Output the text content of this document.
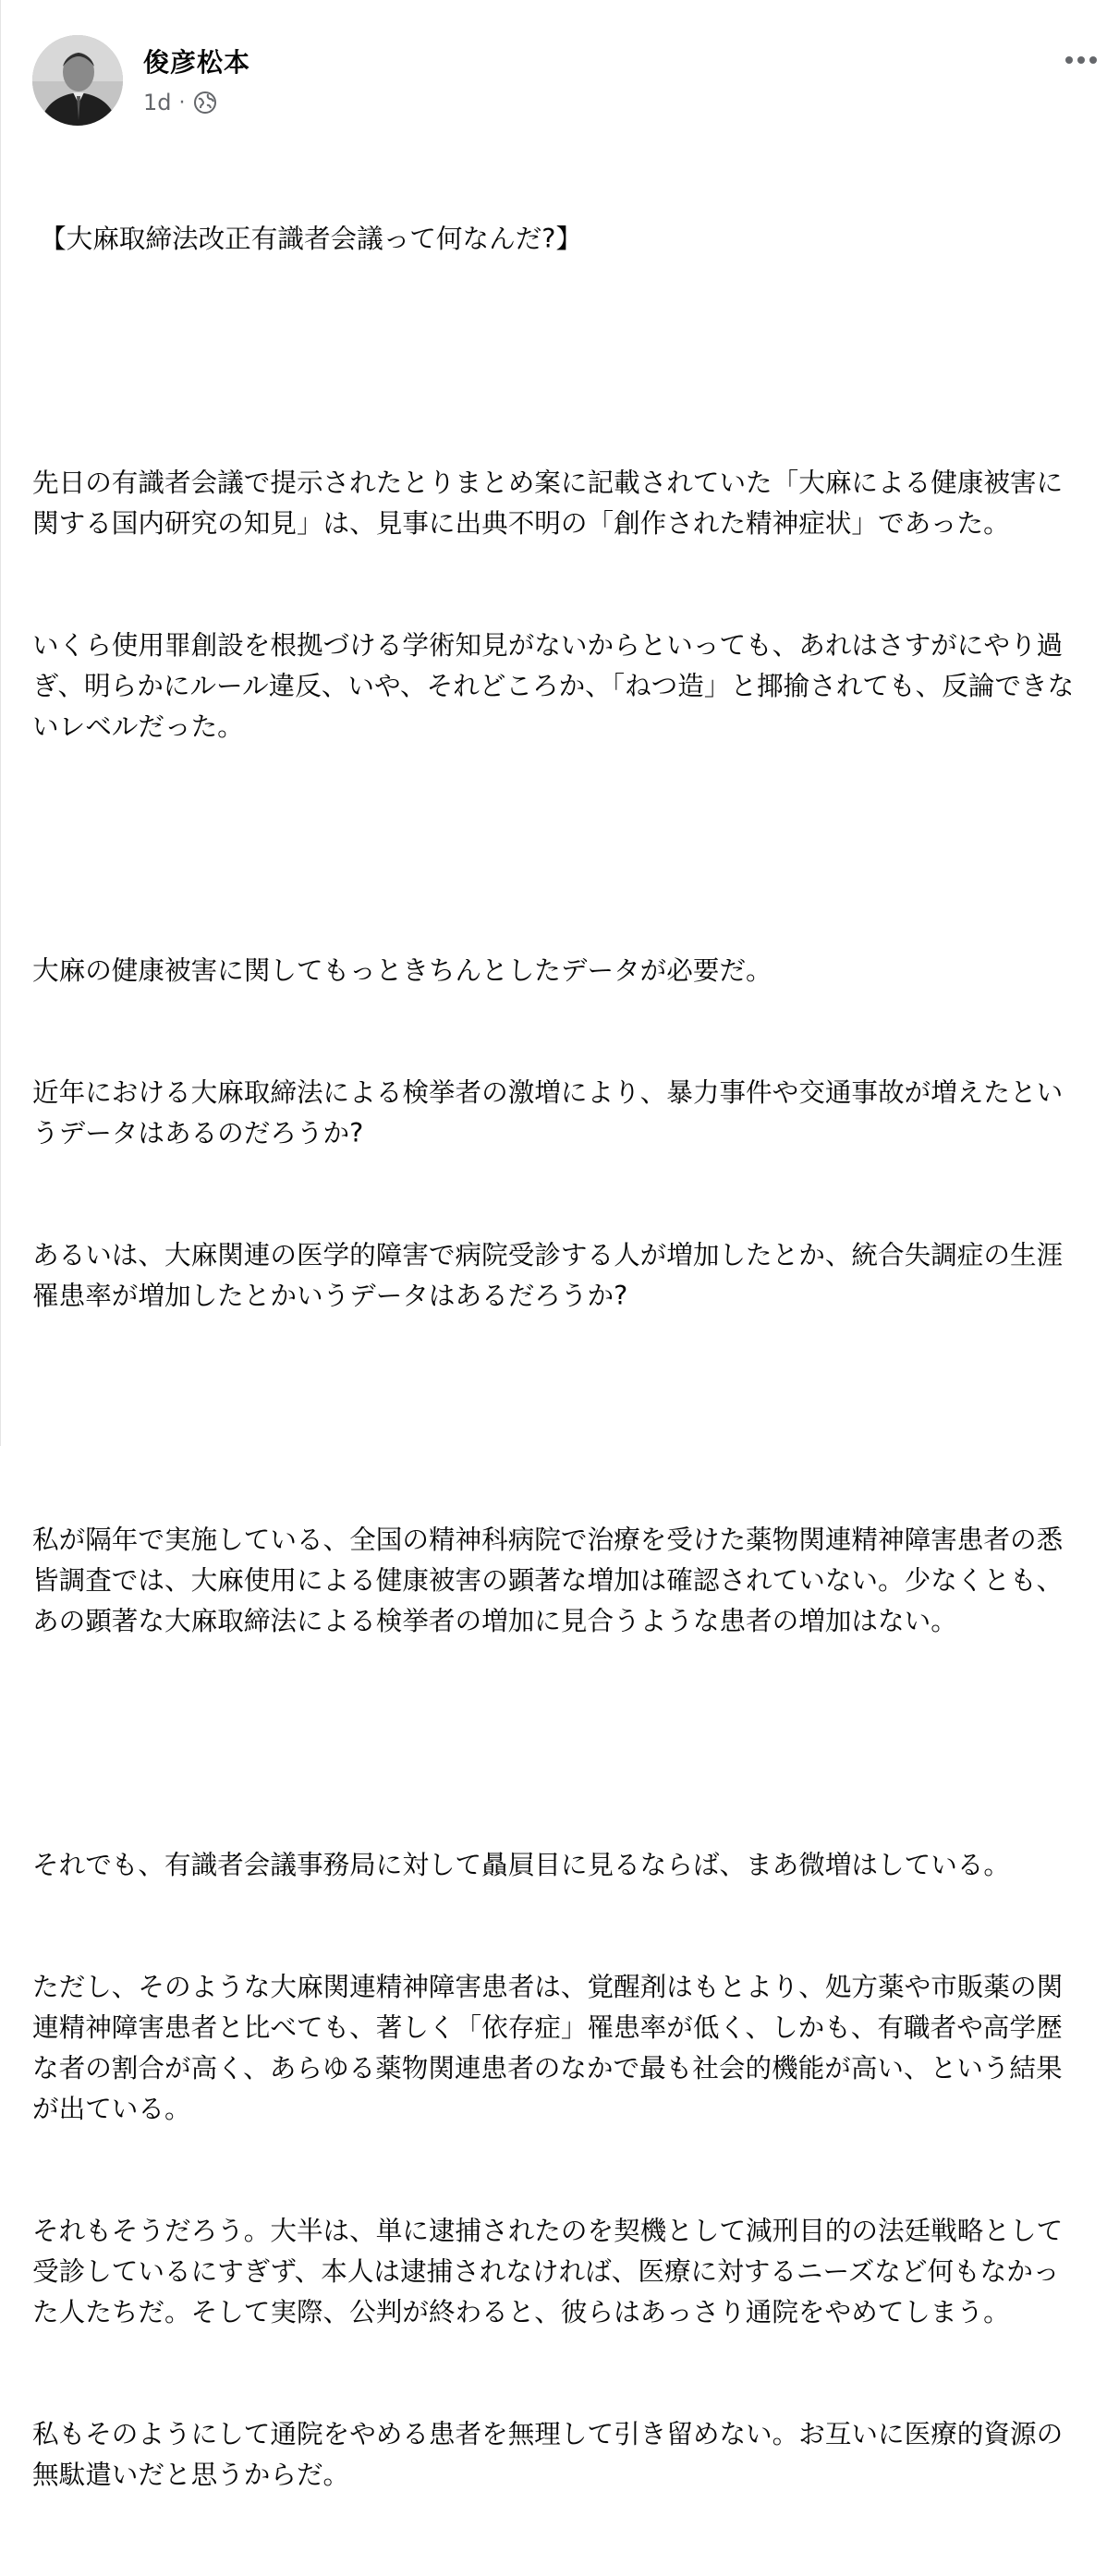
俊彦松本
1d ·

【大麻取締法改正有識者会議って何なんだ?】

先日の有識者会議で提示されたとりまとめ案に記載されていた「大麻による健康被害に関する国内研究の知見」は、見事に出典不明の「創作された精神症状」であった。

いくら使用罪創設を根拠づける学術知見がないからといっても、あれはさすがにやり過ぎ、明らかにルール違反、いや、それどころか、「ねつ造」と揶揄されても、反論できないレベルだった。

大麻の健康被害に関してもっときちんとしたデータが必要だ。

近年における大麻取締法による検挙者の激増により、暴力事件や交通事故が増えたというデータはあるのだろうか?

あるいは、大麻関連の医学的障害で病院受診する人が増加したとか、統合失調症の生涯罹患率が増加したとかいうデータはあるだろうか?

私が隔年で実施している、全国の精神科病院で治療を受けた薬物関連精神障害患者の悉皆調査では、大麻使用による健康被害の顕著な増加は確認されていない。少なくとも、あの顕著な大麻取締法による検挙者の増加に見合うような患者の増加はない。

それでも、有識者会議事務局に対して贔屓目に見るならば、まあ微増はしている。

ただし、そのような大麻関連精神障害患者は、覚醒剤はもとより、処方薬や市販薬の関連精神障害患者と比べても、著しく「依存症」罹患率が低く、しかも、有職者や高学歴な者の割合が高く、あらゆる薬物関連患者のなかで最も社会的機能が高い、という結果が出ている。

それもそうだろう。大半は、単に逮捕されたのを契機として減刑目的の法廷戦略として受診しているにすぎず、本人は逮捕されなければ、医療に対するニーズなど何もなかった人たちだ。そして実際、公判が終わると、彼らはあっさり通院をやめてしまう。

私もそのようにして通院をやめる患者を無理して引き留めない。お互いに医療的資源の無駄遣いだと思うからだ。
